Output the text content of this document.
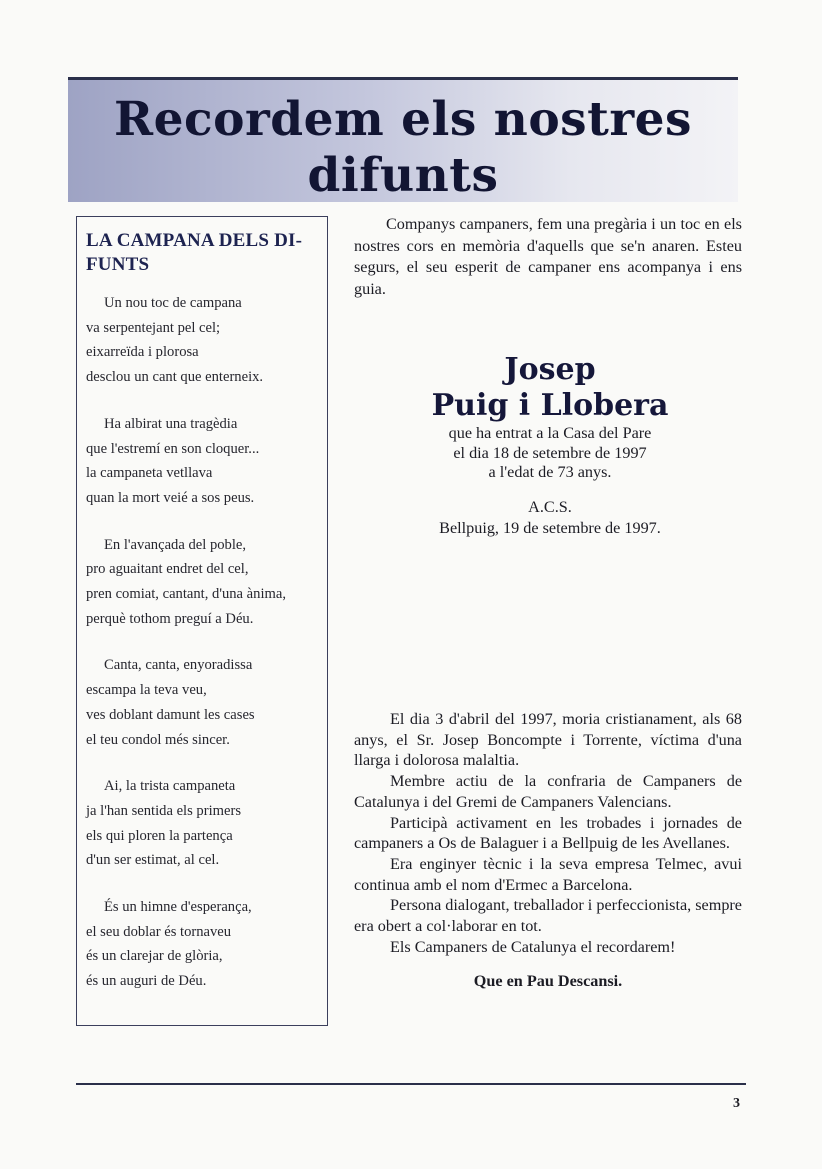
Recordem els nostres
difunts
LA CAMPANA DELS DI- FUNTS
Un nou toc de campana
va serpentejant pel cel;
eixarreïda i plorosa
desclou un cant que enterneix.
Ha albirat una tragèdia
que l'estremí en son cloquer...
la campaneta vetllava
quan la mort veié a sos peus.
En l'avançada del poble,
pro aguaitant endret del cel,
pren comiat, cantant, d'una ànima,
perquè tothom preguí a Déu.
Canta, canta, enyoradissa
escampa la teva veu,
ves doblant damunt les cases
el teu condol més sincer.
Ai, la trista campaneta
ja l'han sentida els primers
els qui ploren la partença
d'un ser estimat, al cel.
És un himne d'esperança,
el seu doblar és tornaveu
és un clarejar de glòria,
és un auguri de Déu.

Companys campaners, fem una pregària i un toc en els nostres cors en memòria d'aquells que se'n anaren. Esteu segurs, el seu esperit de campaner ens acompanya i ens guia.

Josep
Puig i Llobera
que ha entrat a la Casa del Pare
el dia 18 de setembre de 1997
a l'edat de 73 anys.
A.C.S.
Bellpuig, 19 de setembre de 1997.

El dia 3 d'abril del 1997, moria cristianament, als 68 anys, el Sr. Josep Boncompte i Torrente, víctima d'una llarga i dolorosa malaltia.

Membre actiu de la confraria de Campaners de Catalunya i del Gremi de Campaners Valencians.

Participà activament en les trobades i jornades de campaners a Os de Balaguer i a Bellpuig de les Avellanes.

Era enginyer tècnic i la seva empresa Telmec, avui continua amb el nom d'Ermec a Barcelona.

Persona dialogant, treballador i perfeccionista, sempre era obert a col·laborar en tot.

Els Campaners de Catalunya el recordarem!

Que en Pau Descansi.

3
